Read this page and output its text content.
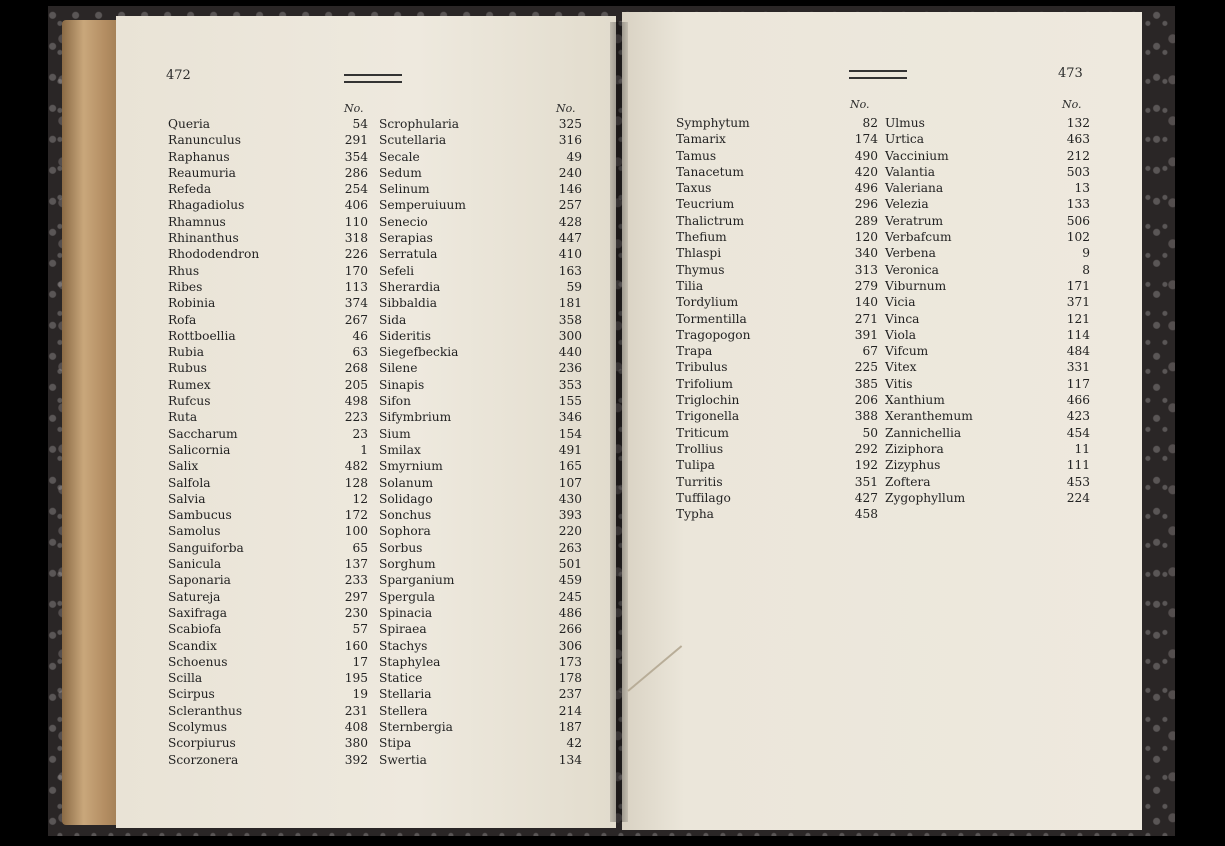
472
No.	No.
Queria	54
Ranunculus	291
Raphanus	354
Reaumuria	286
Refeda	254
Rhagadiolus	406
Rhamnus	110
Rhinanthus	318
Rhododendron	226
Rhus	170
Ribes	113
Robinia	374
Rofa	267
Rottboellia	46
Rubia	63
Rubus	268
Rumex	205
Rufcus	498
Ruta	223
Saccharum	23
Salicornia	1
Salix	482
Salfola	128
Salvia	12
Sambucus	172
Samolus	100
Sanguiforba	65
Sanicula	137
Saponaria	233
Satureja	297
Saxifraga	230
Scabiofa	57
Scandix	160
Schoenus	17
Scilla	195
Scirpus	19
Scleranthus	231
Scolymus	408
Scorpiurus	380
Scorzonera	392
Scrophularia	325
Scutellaria	316
Secale	49
Sedum	240
Selinum	146
Semperuiuum	257
Senecio	428
Serapias	447
Serratula	410
Sefeli	163
Sherardia	59
Sibbaldia	181
Sida	358
Sideritis	300
Siegefbeckia	440
Silene	236
Sinapis	353
Sifon	155
Sifymbrium	346
Sium	154
Smilax	491
Smyrnium	165
Solanum	107
Solidago	430
Sonchus	393
Sophora	220
Sorbus	263
Sorghum	501
Sparganium	459
Spergula	245
Spinacia	486
Spiraea	266
Stachys	306
Staphylea	173
Statice	178
Stellaria	237
Stellera	214
Sternbergia	187
Stipa	42
Swertia	134
473
No.	No.
Symphytum	82
Tamarix	174
Tamus	490
Tanacetum	420
Taxus	496
Teucrium	296
Thalictrum	289
Thefium	120
Thlaspi	340
Thymus	313
Tilia	279
Tordylium	140
Tormentilla	271
Tragopogon	391
Trapa	67
Tribulus	225
Trifolium	385
Triglochin	206
Trigonella	388
Triticum	50
Trollius	292
Tulipa	192
Turritis	351
Tuffilago	427
Typha	458
Ulmus	132
Urtica	463
Vaccinium	212
Valantia	503
Valeriana	13
Velezia	133
Veratrum	506
Verbafcum	102
Verbena	9
Veronica	8
Viburnum	171
Vicia	371
Vinca	121
Viola	114
Vifcum	484
Vitex	331
Vitis	117
Xanthium	466
Xeranthemum	423
Zannichellia	454
Ziziphora	11
Zizyphus	111
Zoftera	453
Zygophyllum	224
